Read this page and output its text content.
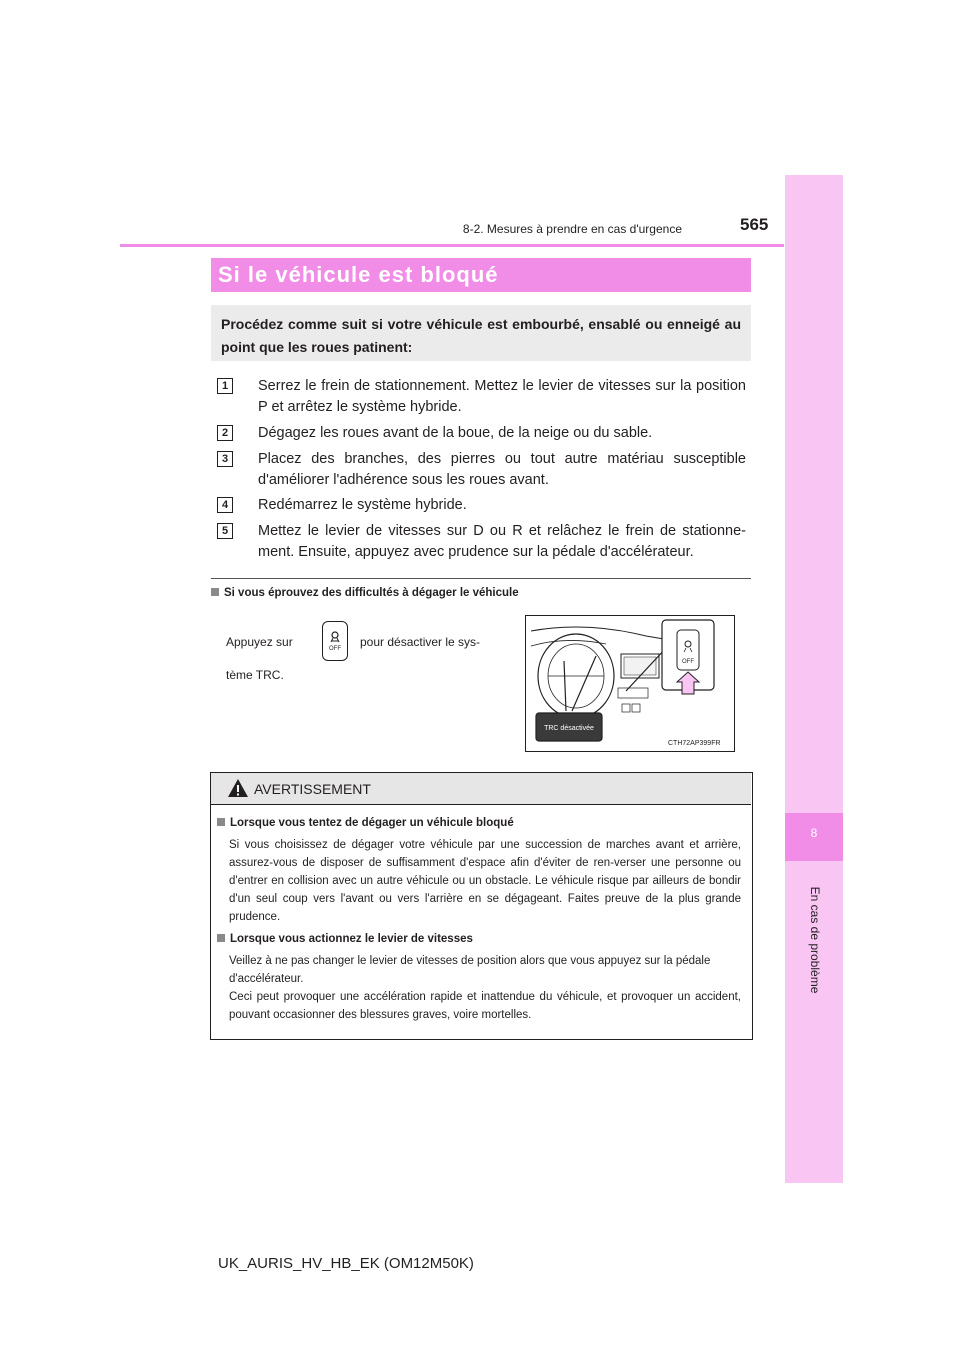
8
En cas de problème
8-2. Mesures à prendre en cas d'urgence	565
Si le véhicule est bloqué
Procédez comme suit si votre véhicule est embourbé, ensablé ou enneigé au point que les roues patinent:
1	Serrez le frein de stationnement. Mettez le levier de vitesses sur la position P et arrêtez le système hybride.
2	Dégagez les roues avant de la boue, de la neige ou du sable.
3	Placez des branches, des pierres ou tout autre matériau susceptible d'améliorer l'adhérence sous les roues avant.
4	Redémarrez le système hybride.
5	Mettez le levier de vitesses sur D ou R et relâchez le frein de stationne-ment. Ensuite, appuyez avec prudence sur la pédale d'accélérateur.
Si vous éprouvez des difficultés à dégager le véhicule
Appuyez sur	OFF pour désactiver le sys-
tème TRC.
TRC désactivée
OFF
CTH72AP399FR
AVERTISSEMENT
Lorsque vous tentez de dégager un véhicule bloqué
Si vous choisissez de dégager votre véhicule par une succession de marches avant et arrière, assurez-vous de disposer de suffisamment d'espace afin d'éviter de ren-verser une personne ou d'entrer en collision avec un autre véhicule ou un obstacle. Le véhicule risque par ailleurs de bondir d'un seul coup vers l'avant ou vers l'arrière en se dégageant. Faites preuve de la plus grande prudence.
Lorsque vous actionnez le levier de vitesses
Veillez à ne pas changer le levier de vitesses de position alors que vous appuyez sur la pédale d'accélérateur.
Ceci peut provoquer une accélération rapide et inattendue du véhicule, et provoquer un accident, pouvant occasionner des blessures graves, voire mortelles.
UK_AURIS_HV_HB_EK (OM12M50K)
